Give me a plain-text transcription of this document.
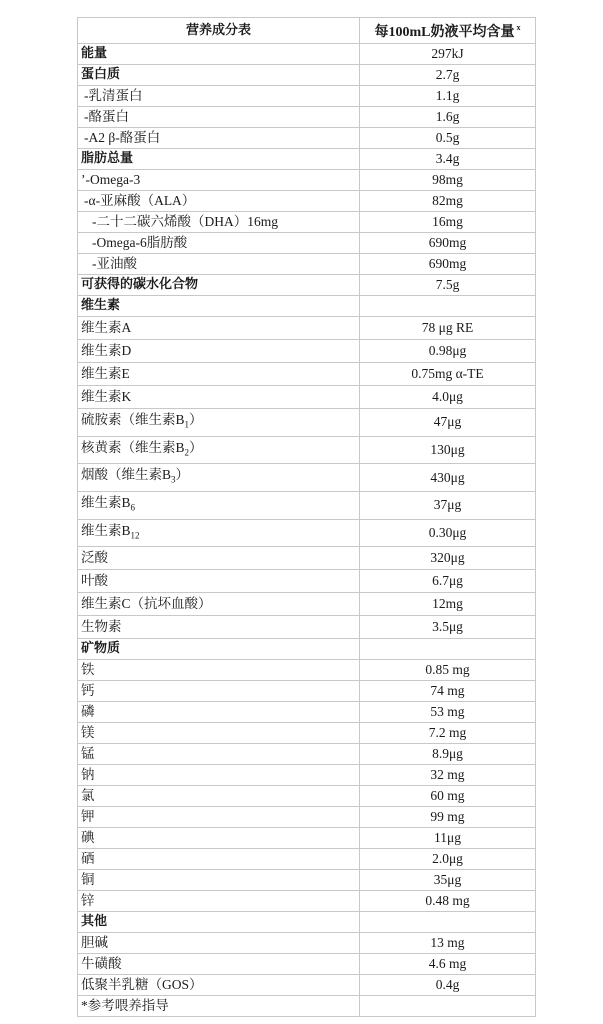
营养成分表	每100mL奶液平均含量 $^x$
能量	297kJ
蛋白质	2.7g
-乳清蛋白	1.1g
-酪蛋白	1.6g
-A2 β-酪蛋白	0.5g
脂肪总量	3.4g
’-Omega-3	98mg
-α-亚麻酸（ALA）	82mg
-二十二碳六烯酸（DHA）16mg	16mg
-Omega-6脂肪酸	690mg
-亚油酸	690mg
可获得的碳水化合物	7.5g
维生素	
维生素A	78 μg RE
维生素D	0.98μg
维生素E	0.75mg α-TE
维生素K	4.0μg
硫胺素（维生素$B_1$）	47μg
核黄素（维生素$B_2$）	130μg
烟酸（维生素$B_3$）	430μg
维生素$B_6$	37μg
维生素$B_{12}$	0.30μg
泛酸	320μg
叶酸	6.7μg
维生素C（抗坏血酸）	12mg
生物素	3.5μg
矿物质	
铁	0.85 mg
钙	74 mg
磷	53 mg
镁	7.2 mg
锰	8.9μg
钠	32 mg
氯	60 mg
钾	99 mg
碘	11μg
硒	2.0μg
铜	35μg
锌	0.48 mg
其他	
胆碱	13 mg
牛磺酸	4.6 mg
低聚半乳糖（GOS）	0.4g
*参考喂养指导	
